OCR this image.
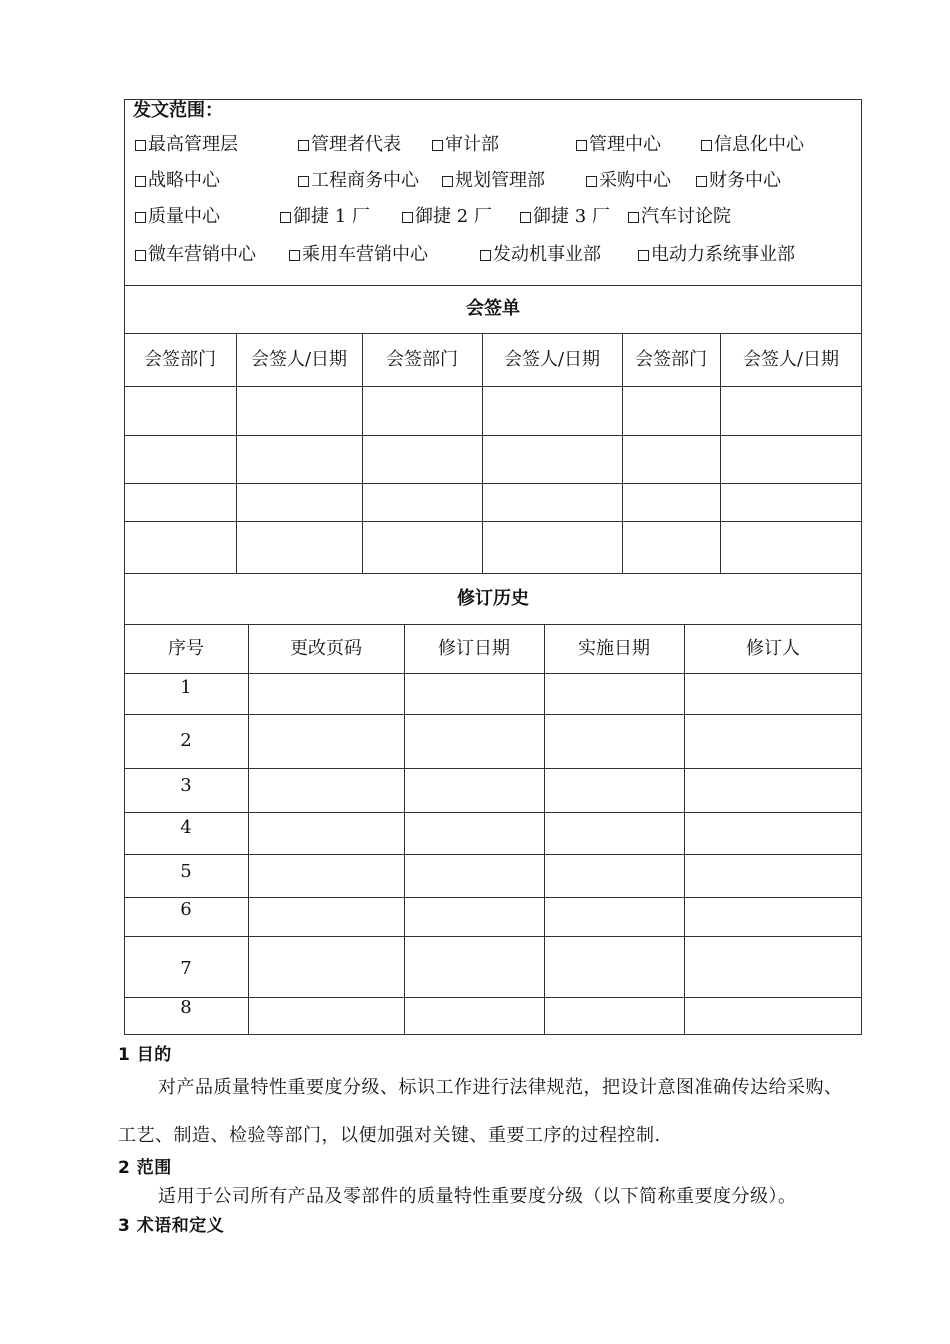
发文范围：
最高管理层	管理者代表	审计部	管理中心	信息化中心
战略中心	工程商务中心	规划管理部	采购中心	财务中心
质量中心	御捷 1 厂	御捷 2 厂	御捷 3 厂	汽车讨论院
微车营销中心	乘用车营销中心	发动机事业部	电动力系统事业部
会签单
会签部门	会签人/日期	会签部门	会签人/日期	会签部门	会签人/日期
修订历史
序号	更改页码	修订日期	实施日期	修订人
1
2
3
4
5
6
7
8
1 目的
对产品质量特性重要度分级、标识工作进行法律规范，把设计意图准确传达给采购、
工艺、制造、检验等部门，以便加强对关键、重要工序的过程控制.
2 范围
适用于公司所有产品及零部件的质量特性重要度分级（以下简称重要度分级）。
3 术语和定义
